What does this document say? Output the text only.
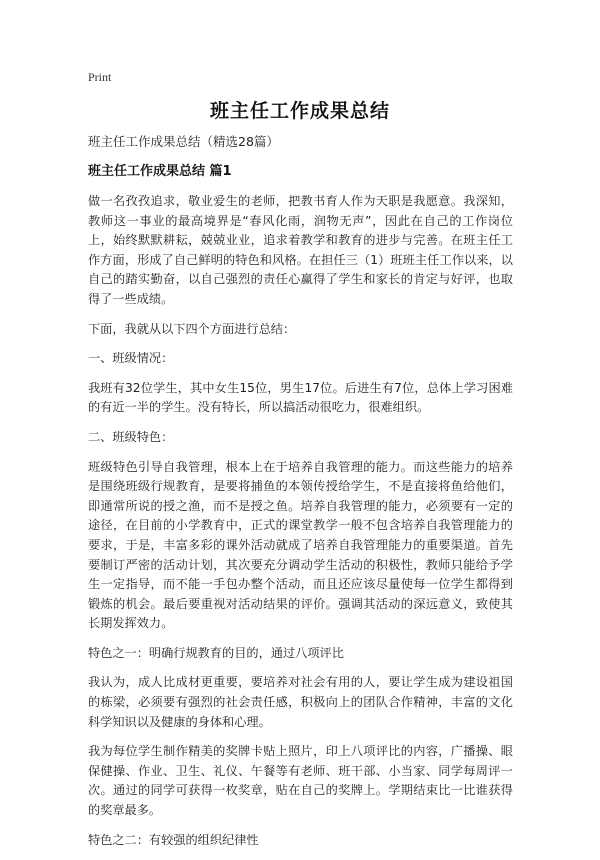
Print
班主任工作成果总结

班主任工作成果总结（精选28篇）

班主任工作成果总结 篇1

做一名孜孜追求，敬业爱生的老师，把教书育人作为天职是我愿意。我深知，教师这一事业的最高境界是“春风化雨，润物无声”，因此在自己的工作岗位上，始终默默耕耘，兢兢业业，追求着教学和教育的进步与完善。在班主任工作方面，形成了自己鲜明的特色和风格。在担任三（1）班班主任工作以来，以自己的踏实勤奋，以自己强烈的责任心赢得了学生和家长的肯定与好评，也取得了一些成绩。

下面，我就从以下四个方面进行总结：

一、班级情况：

我班有32位学生，其中女生15位，男生17位。后进生有7位，总体上学习困难的有近一半的学生。没有特长，所以搞活动很吃力，很难组织。

二、班级特色：

班级特色引导自我管理，根本上在于培养自我管理的能力。而这些能力的培养是围绕班级行规教育，是要将捕鱼的本领传授给学生，不是直接将鱼给他们，即通常所说的授之渔，而不是授之鱼。培养自我管理的能力，必须要有一定的途径，在目前的小学教育中，正式的课堂教学一般不包含培养自我管理能力的要求，于是，丰富多彩的课外活动就成了培养自我管理能力的重要渠道。首先要制订严密的活动计划，其次要充分调动学生活动的积极性，教师只能给予学生一定指导，而不能一手包办整个活动，而且还应该尽量使每一位学生都得到锻炼的机会。最后要重视对活动结果的评价。强调其活动的深远意义，致使其长期发挥效力。

特色之一：明确行规教育的目的，通过八项评比

我认为，成人比成材更重要，要培养对社会有用的人，要让学生成为建设祖国的栋梁，必须要有强烈的社会责任感，积极向上的团队合作精神，丰富的文化科学知识以及健康的身体和心理。

我为每位学生制作精美的奖牌卡贴上照片，印上八项评比的内容，广播操、眼保健操、作业、卫生、礼仪、午餐等有老师、班干部、小当家、同学每周评一次。通过的同学可获得一枚奖章，贴在自己的奖牌上。学期结束比一比谁获得的奖章最多。

特色之二：有较强的组织纪律性
